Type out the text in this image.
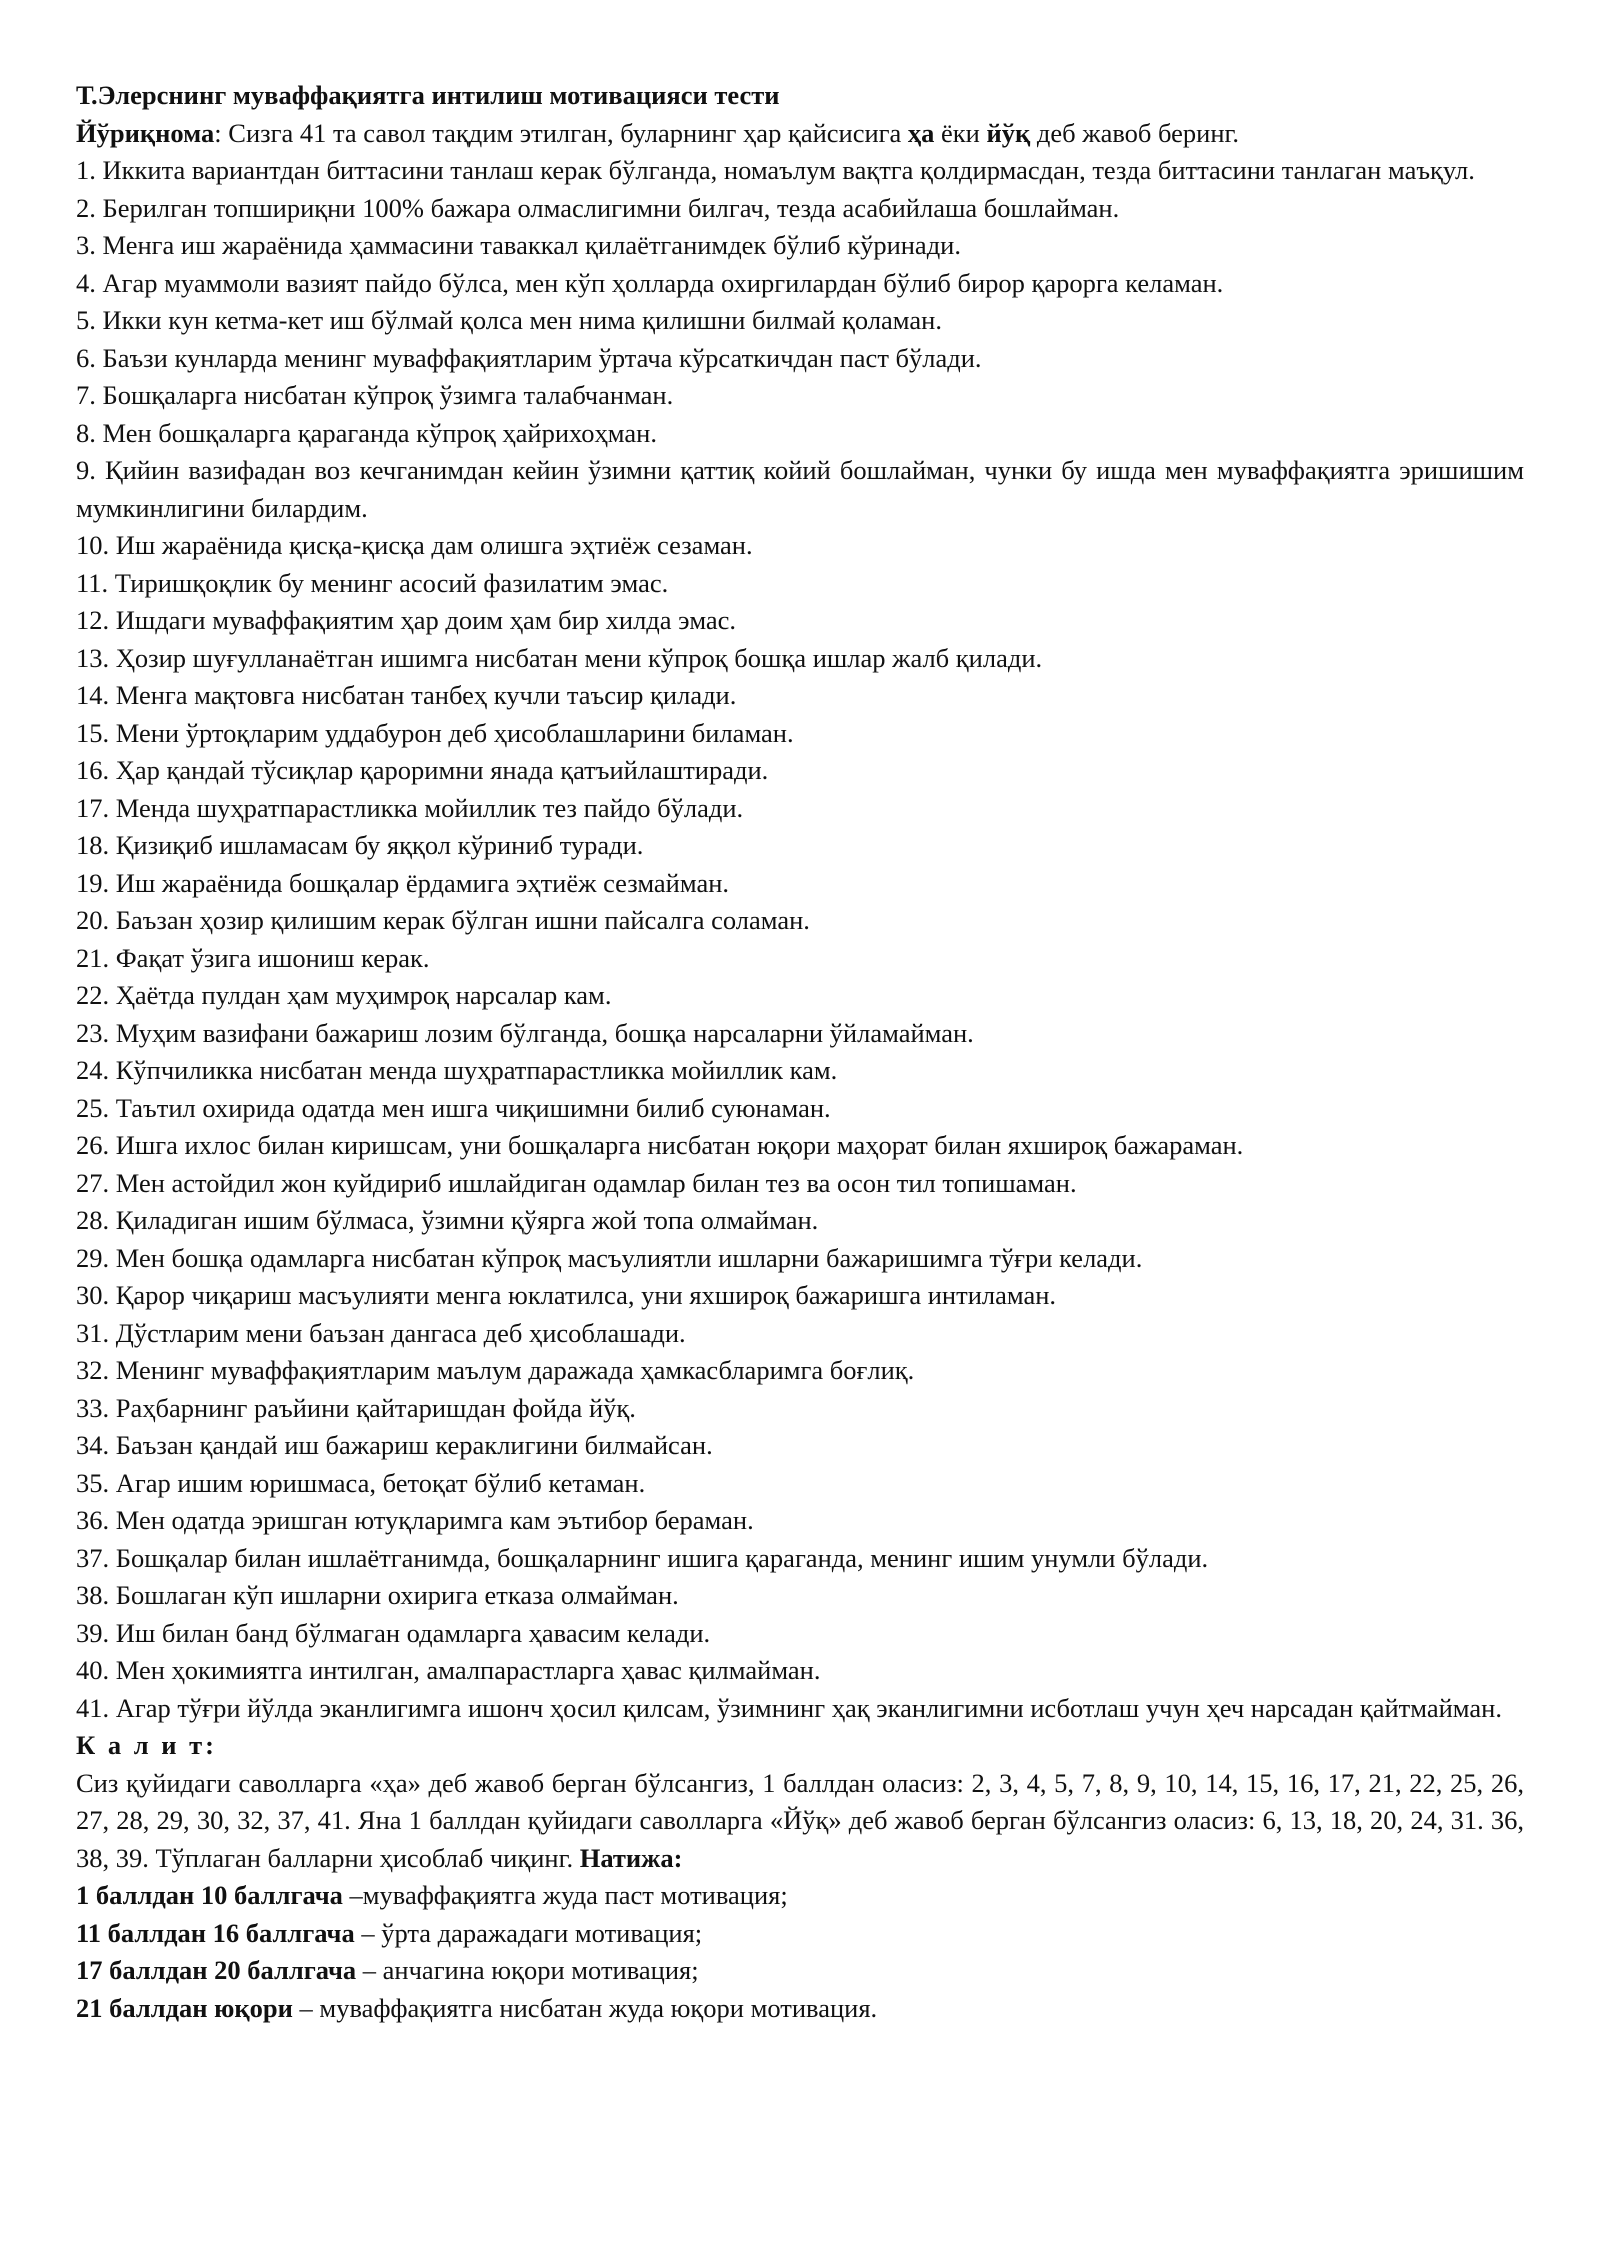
Т.Элерснинг муваффақиятга интилиш мотивацияси тести

Йўриқнома: Сизга 41 та савол тақдим этилган, буларнинг ҳар қайсисига ҳа ёки йўқ деб жавоб беринг.

1. Иккита вариантдан биттасини танлаш керак бўлганда, номаълум вақтга қолдирмасдан, тезда биттасини танлаган маъқул.

2. Берилган топшириқни 100% бажара олмаслигимни билгач, тезда асабийлаша бошлайман.

3. Менга иш жараёнида ҳаммасини таваккал қилаётганимдек бўлиб кўринади.

4. Агар муаммоли вазият пайдо бўлса, мен кўп ҳолларда охиргилардан бўлиб бирор қарорга келаман.

5. Икки кун кетма-кет иш бўлмай қолса мен нима қилишни билмай қоламан.

6. Баъзи кунларда менинг муваффақиятларим ўртача кўрсаткичдан паст бўлади.

7. Бошқаларга нисбатан кўпроқ ўзимга талабчанман.

8. Мен бошқаларга қараганда кўпроқ ҳайрихоҳман.

9. Қийин вазифадан воз кечганимдан кейин ўзимни қаттиқ койий бошлайман, чунки бу ишда мен муваффақиятга эришишим мумкинлигини билардим.

10. Иш жараёнида қисқа-қисқа дам олишга эҳтиёж сезаман.

11. Тиришқоқлик бу менинг асосий фазилатим эмас.

12. Ишдаги муваффақиятим ҳар доим ҳам бир хилда эмас.

13. Ҳозир шуғулланаётган ишимга нисбатан мени кўпроқ бошқа ишлар жалб қилади.

14. Менга мақтовга нисбатан танбеҳ кучли таъсир қилади.

15. Мени ўртоқларим уддабурон деб ҳисоблашларини биламан.

16. Ҳар қандай тўсиқлар қароримни янада қатъийлаштиради.

17. Менда шуҳратпарастликка мойиллик тез пайдо бўлади.

18. Қизиқиб ишламасам бу яққол кўриниб туради.

19. Иш жараёнида бошқалар ёрдамига эҳтиёж сезмайман.

20. Баъзан ҳозир қилишим керак бўлган ишни пайсалга соламан.

21. Фақат ўзига ишониш керак.

22. Ҳаётда пулдан ҳам муҳимроқ нарсалар кам.

23. Муҳим вазифани бажариш лозим бўлганда, бошқа нарсаларни ўйламайман.

24. Кўпчиликка нисбатан менда шуҳратпарастликка мойиллик кам.

25. Таътил охирида одатда мен ишга чиқишимни билиб суюнаман.

26. Ишга ихлос билан киришсам, уни бошқаларга нисбатан юқори маҳорат билан яхшироқ бажараман.

27. Мен астойдил жон куйдириб ишлайдиган одамлар билан тез ва осон тил топишаман.

28. Қиладиган ишим бўлмаса, ўзимни қўярга жой топа олмайман.

29. Мен бошқа одамларга нисбатан кўпроқ масъулиятли ишларни бажаришимга тўғри келади.

30. Қарор чиқариш масъулияти менга юклатилса, уни яхшироқ бажаришга интиламан.

31. Дўстларим мени баъзан дангаса деб ҳисоблашади.

32. Менинг муваффақиятларим маълум даражада ҳамкасбларимга боғлиқ.

33. Раҳбарнинг раъйини қайтаришдан фойда йўқ.

34. Баъзан қандай иш бажариш кераклигини билмайсан.

35. Агар ишим юришмаса, бетоқат бўлиб кетаман.

36. Мен одатда эришган ютуқларимга кам эътибор бераман.

37. Бошқалар билан ишлаётганимда, бошқаларнинг ишига қараганда, менинг ишим унумли бўлади.

38. Бошлаган кўп ишларни охирига етказа олмайман.

39. Иш билан банд бўлмаган одамларга ҳавасим келади.

40. Мен ҳокимиятга интилган, амалпарастларга ҳавас қилмайман.

41. Агар тўғри йўлда эканлигимга ишонч ҳосил қилсам, ўзимнинг ҳақ эканлигимни исботлаш учун ҳеч нарсадан қайтмайман.

К а л и т:

Сиз қуйидаги саволларга «ҳа» деб жавоб берган бўлсангиз, 1 баллдан оласиз: 2, 3, 4, 5, 7, 8, 9, 10, 14, 15, 16, 17, 21, 22, 25, 26, 27, 28, 29, 30, 32, 37, 41. Яна 1 баллдан қуйидаги саволларга «Йўқ» деб жавоб берган бўлсангиз оласиз: 6, 13, 18, 20, 24, 31. 36, 38, 39. Тўплаган балларни ҳисоблаб чиқинг. Натижа:

1 баллдан 10 баллгача –муваффақиятга жуда паст мотивация;

11 баллдан 16 баллгача – ўрта даражадаги мотивация;

17 баллдан 20 баллгача – анчагина юқори мотивация;

21 баллдан юқори – муваффақиятга нисбатан жуда юқори мотивация.
